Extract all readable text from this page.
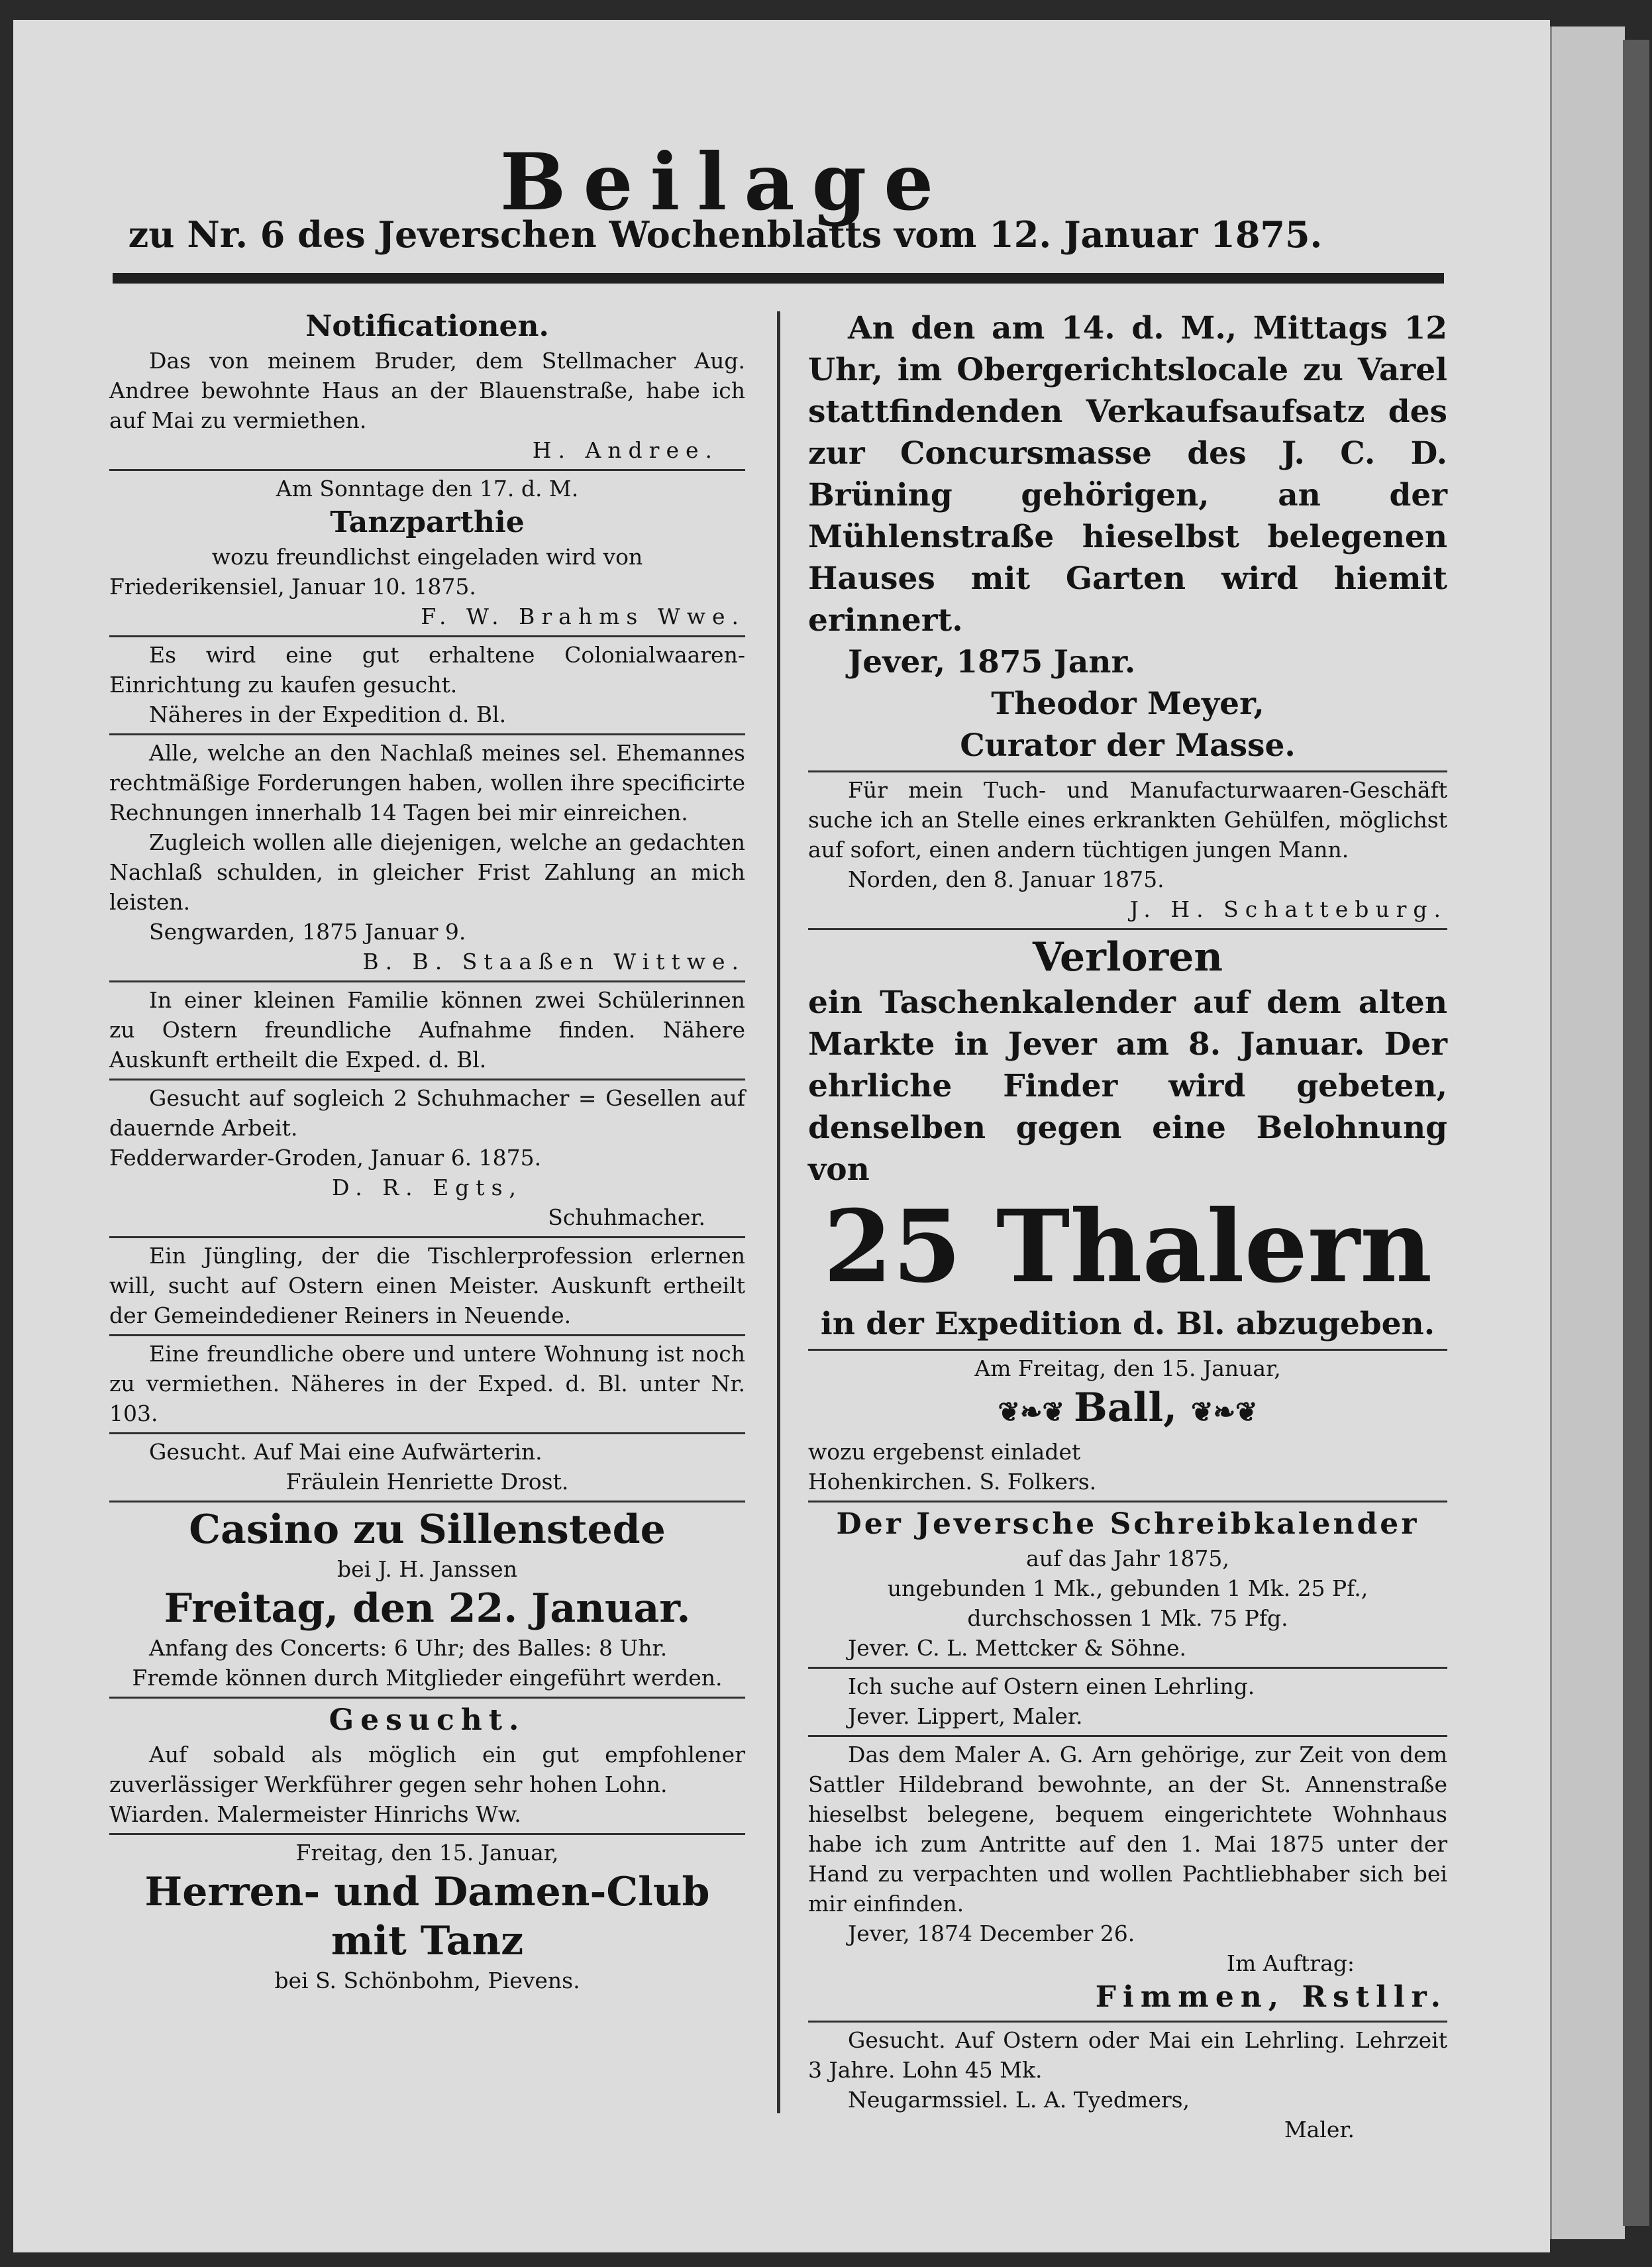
Beilage
zu Nr. 6 des Jeverschen Wochenblatts vom 12. Januar 1875.

Notificationen.

Das von meinem Bruder, dem Stellmacher Aug. Andree bewohnte Haus an der Blauenstraße, habe ich auf Mai zu vermiethen.

H. Andree.

Am Sonntage den 17. d. M.

Tanzparthie

wozu freundlichst eingeladen wird von

Friederikensiel, Januar 10. 1875.

F. W. Brahms Wwe.

Es wird eine gut erhaltene Colonialwaaren-Einrichtung zu kaufen gesucht.

Näheres in der Expedition d. Bl.

Alle, welche an den Nachlaß meines sel. Ehemannes rechtmäßige Forderungen haben, wollen ihre specificirte Rechnungen innerhalb 14 Tagen bei mir einreichen.

Zugleich wollen alle diejenigen, welche an gedachten Nachlaß schulden, in gleicher Frist Zahlung an mich leisten.

Sengwarden, 1875 Januar 9.

B. B. Staaßen Wittwe.

In einer kleinen Familie können zwei Schülerinnen zu Ostern freundliche Aufnahme finden. Nähere Auskunft ertheilt die Exped. d. Bl.

Gesucht auf sogleich 2 Schuhmacher = Gesellen auf dauernde Arbeit.

Fedderwarder-Groden, Januar 6. 1875.

D. R. Egts,

Schuhmacher.

Ein Jüngling, der die Tischlerprofession erlernen will, sucht auf Ostern einen Meister. Auskunft ertheilt der Gemeindediener Reiners in Neuende.

Eine freundliche obere und untere Wohnung ist noch zu vermiethen. Näheres in der Exped. d. Bl. unter Nr. 103.

Gesucht. Auf Mai eine Aufwärterin.

Fräulein Henriette Drost.

Casino zu Sillenstede

bei J. H. Janssen

Freitag, den 22. Januar.

Anfang des Concerts: 6 Uhr; des Balles: 8 Uhr.

Fremde können durch Mitglieder eingeführt werden.

Gesucht.

Auf sobald als möglich ein gut empfohlener zuverlässiger Werkführer gegen sehr hohen Lohn.

Wiarden. Malermeister Hinrichs Ww.

Freitag, den 15. Januar,

Herren- und Damen-Club

mit Tanz

bei S. Schönbohm, Pievens.

An den am 14. d. M., Mittags 12 Uhr, im Obergerichtslocale zu Varel stattfindenden Verkaufsaufsatz des zur Concursmasse des J. C. D. Brüning gehörigen, an der Mühlenstraße hieselbst belegenen Hauses mit Garten wird hiemit erinnert.

Jever, 1875 Janr.

Theodor Meyer,

Curator der Masse.

Für mein Tuch- und Manufacturwaaren-Geschäft suche ich an Stelle eines erkrankten Gehülfen, möglichst auf sofort, einen andern tüchtigen jungen Mann.

Norden, den 8. Januar 1875.

J. H. Schatteburg.

Verloren

ein Taschenkalender auf dem alten Markte in Jever am 8. Januar. Der ehrliche Finder wird gebeten, denselben gegen eine Belohnung von

25 Thalern

in der Expedition d. Bl. abzugeben.

Am Freitag, den 15. Januar,

❦❧❦ Ball, ❦❧❦

wozu ergebenst einladet

Hohenkirchen. S. Folkers.

Der Jeversche Schreibkalender

auf das Jahr 1875,

ungebunden 1 Mk., gebunden 1 Mk. 25 Pf., durchschossen 1 Mk. 75 Pfg.

Jever. C. L. Mettcker & Söhne.

Ich suche auf Ostern einen Lehrling.

Jever. Lippert, Maler.

Das dem Maler A. G. Arn gehörige, zur Zeit von dem Sattler Hildebrand bewohnte, an der St. Annenstraße hieselbst belegene, bequem eingerichtete Wohnhaus habe ich zum Antritte auf den 1. Mai 1875 unter der Hand zu verpachten und wollen Pachtliebhaber sich bei mir einfinden.

Jever, 1874 December 26.

Im Auftrag:

Fimmen, Rstllr.

Gesucht. Auf Ostern oder Mai ein Lehrling. Lehrzeit 3 Jahre. Lohn 45 Mk.

Neugarmssiel. L. A. Tyedmers,

Maler.
